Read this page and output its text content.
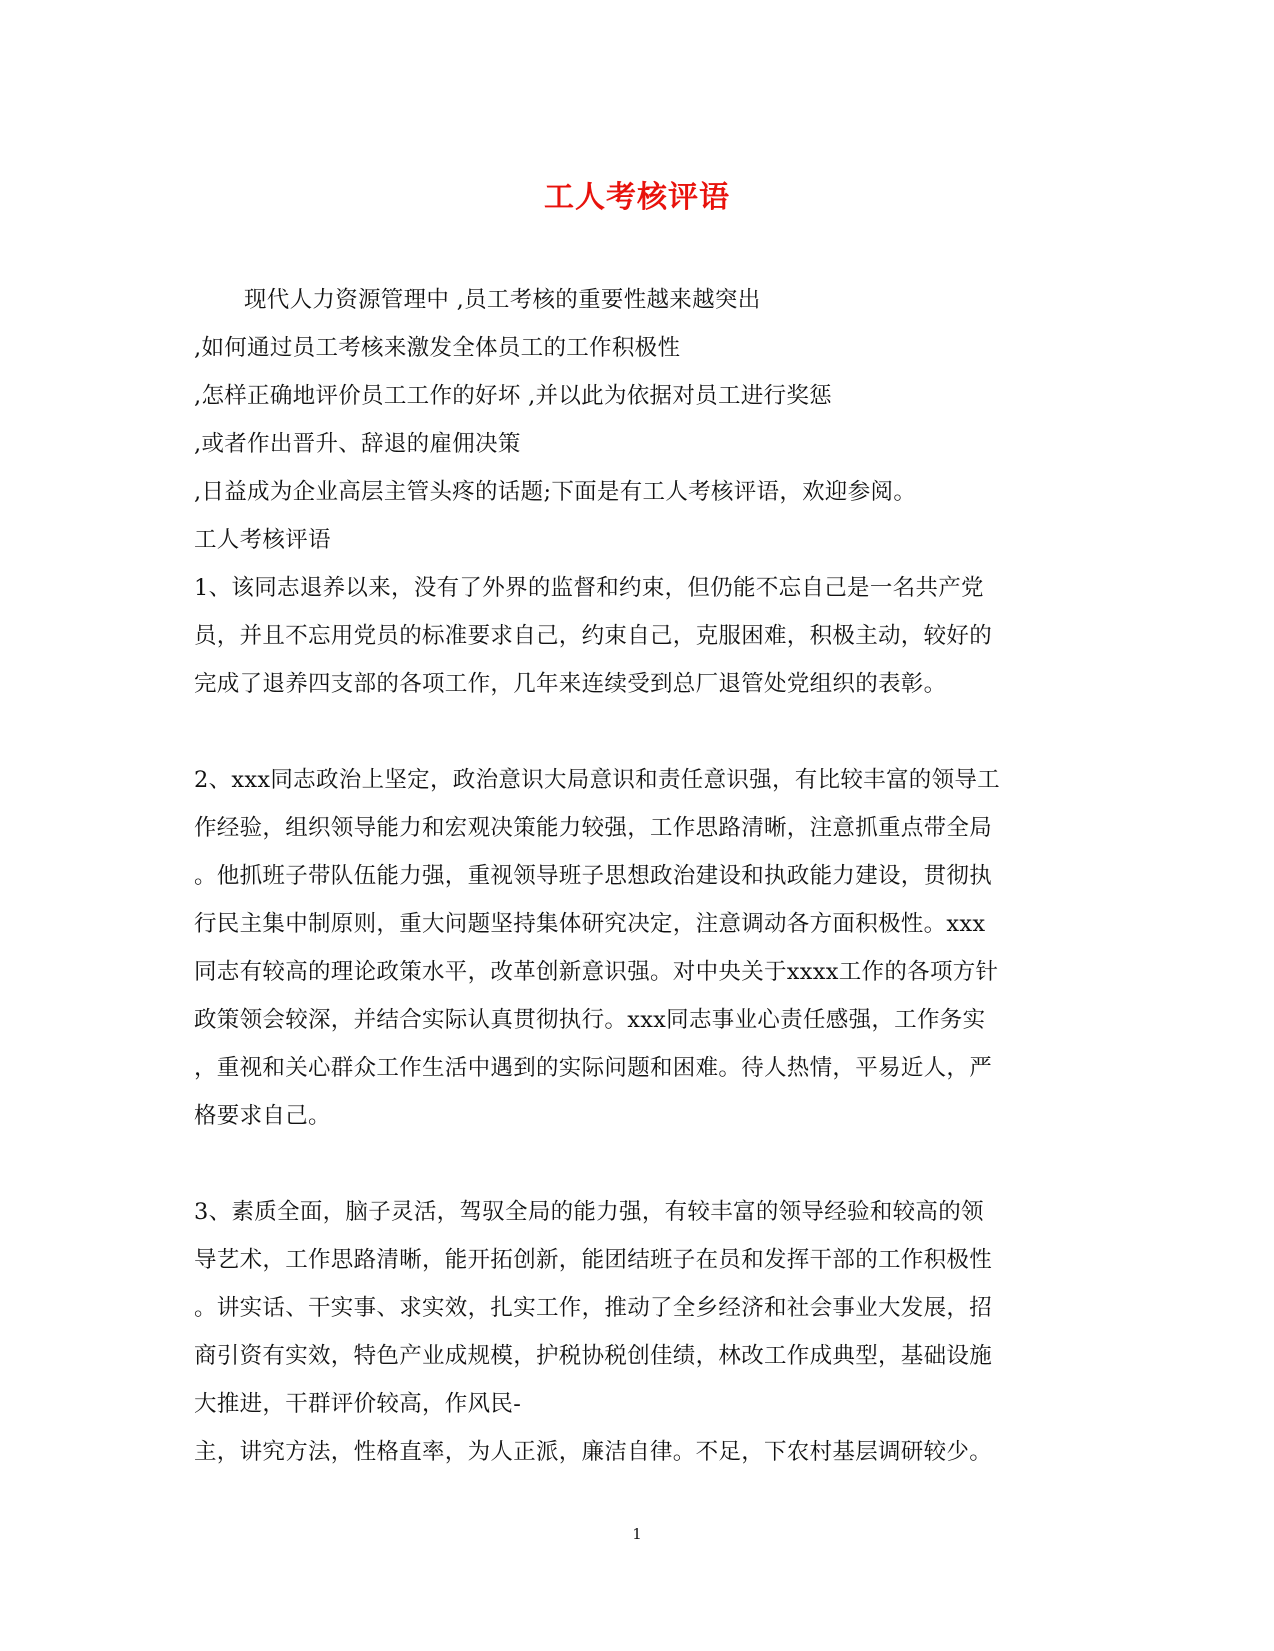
工人考核评语
现代人力资源管理中 ,员工考核的重要性越来越突出
,如何通过员工考核来激发全体员工的工作积极性
,怎样正确地评价员工工作的好坏 ,并以此为依据对员工进行奖惩
,或者作出晋升、辞退的雇佣决策
,日益成为企业高层主管头疼的话题;下面是有工人考核评语，欢迎参阅。
工人考核评语
1、该同志退养以来，没有了外界的监督和约束，但仍能不忘自己是一名共产党
员，并且不忘用党员的标准要求自己，约束自己，克服困难，积极主动，较好的
完成了退养四支部的各项工作，几年来连续受到总厂退管处党组织的表彰。
2、xxx同志政治上坚定，政治意识大局意识和责任意识强，有比较丰富的领导工
作经验，组织领导能力和宏观决策能力较强，工作思路清晰，注意抓重点带全局
。他抓班子带队伍能力强，重视领导班子思想政治建设和执政能力建设，贯彻执
行民主集中制原则，重大问题坚持集体研究决定，注意调动各方面积极性。xxx
同志有较高的理论政策水平，改革创新意识强。对中央关于xxxx工作的各项方针
政策领会较深，并结合实际认真贯彻执行。xxx同志事业心责任感强，工作务实
，重视和关心群众工作生活中遇到的实际问题和困难。待人热情，平易近人，严
格要求自己。
3、素质全面，脑子灵活，驾驭全局的能力强，有较丰富的领导经验和较高的领
导艺术，工作思路清晰，能开拓创新，能团结班子在员和发挥干部的工作积极性
。讲实话、干实事、求实效，扎实工作，推动了全乡经济和社会事业大发展，招
商引资有实效，特色产业成规模，护税协税创佳绩，林改工作成典型，基础设施
大推进，干群评价较高，作风民-
主，讲究方法，性格直率，为人正派，廉洁自律。不足，下农村基层调研较少。
1
